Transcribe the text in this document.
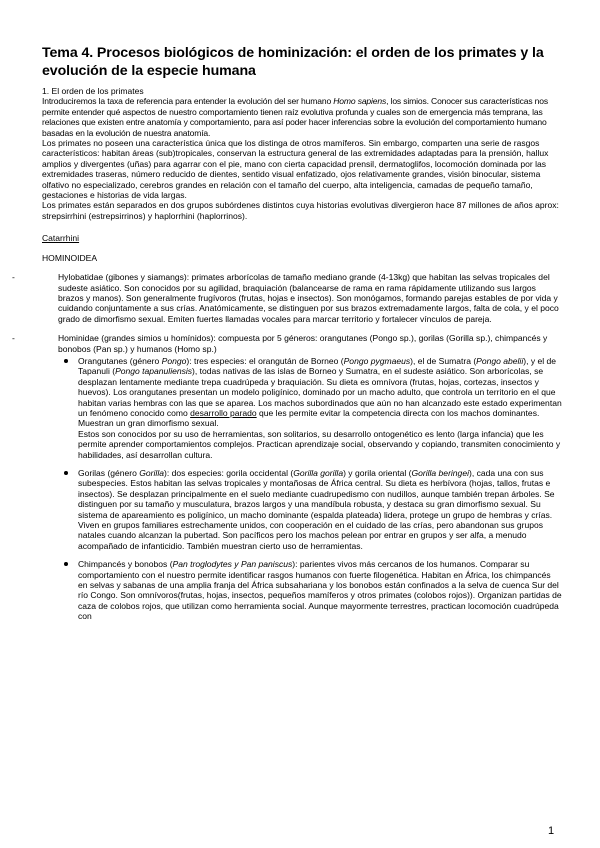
Tema 4. Procesos biológicos de hominización: el orden de los primates y la evolución de la especie humana

1. El orden de los primates

Introduciremos la taxa de referencia para entender la evolución del ser humano Homo sapiens, los simios. Conocer sus características nos permite entender qué aspectos de nuestro comportamiento tienen raíz evolutiva profunda y cuales son de emergencia más temprana, las relaciones que existen entre anatomía y comportamiento, para así poder hacer inferencias sobre la evolución del comportamiento humano basadas en la evolución de nuestra anatomía.

Los primates no poseen una característica única que los distinga de otros mamíferos. Sin embargo, comparten una serie de rasgos característicos: habitan áreas (sub)tropicales, conservan la estructura general de las extremidades adaptadas para la prensión, hallux amplios y divergentes (uñas) para agarrar con el pie, mano con cierta capacidad prensil, dermatoglifos, locomoción dominada por las extremidades traseras, número reducido de dientes, sentido visual enfatizado, ojos relativamente grandes, visión binocular, sistema olfativo no especializado, cerebros grandes en relación con el tamaño del cuerpo, alta inteligencia, camadas de pequeño tamaño, gestaciones e historias de vida largas.

Los primates están separados en dos grupos subórdenes distintos cuya historias evolutivas divergieron hace 87 millones de años aprox: strepsirrhini (estrepsirrinos) y haplorrhini (haplorrinos).

Catarrhini
HOMINOIDEA
-	Hylobatidae (gibones y siamangs): primates arborícolas de tamaño mediano grande (4-13kg) que habitan las selvas tropicales del sudeste asiático. Son conocidos por su agilidad, braquiación (balancearse de rama en rama rápidamente utilizando sus largos brazos y manos). Son generalmente frugívoros (frutas, hojas e insectos). Son monógamos, formando parejas estables de por vida y cuidando conjuntamente a sus crías. Anatómicamente, se distinguen por sus brazos extremadamente largos, falta de cola, y el poco grado de dimorfismo sexual. Emiten fuertes llamadas vocales para marcar territorio y fortalecer vínculos de pareja.
-	Hominidae (grandes simios u homínidos): compuesta por 5 géneros: orangutanes (Pongo sp.), gorilas (Gorilla sp.), chimpancés y bonobos (Pan sp.) y humanos (Homo sp.)
Orangutanes (género Pongo): tres especies: el orangután de Borneo (Pongo pygmaeus), el de Sumatra (Pongo abelii), y el de Tapanuli (Pongo tapanuliensis), todas nativas de las islas de Borneo y Sumatra, en el sudeste asiático. Son arborícolas, se desplazan lentamente mediante trepa cuadrúpeda y braquiación. Su dieta es omnívora (frutas, hojas, cortezas, insectos y huevos). Los orangutanes presentan un modelo poligínico, dominado por un macho adulto, que controla un territorio en el que habitan varias hembras con las que se aparea. Los machos subordinados que aún no han alcanzado este estado experimentan un fenómeno conocido como desarrollo parado que les permite evitar la competencia directa con los machos dominantes. Muestran un gran dimorfismo sexual.
Estos son conocidos por su uso de herramientas, son solitarios, su desarrollo ontogenético es lento (larga infancia) que les permite aprender comportamientos complejos. Practican aprendizaje social, observando y copiando, transmiten conocimiento y habilidades, así desarrollan cultura.
Gorilas (género Gorilla): dos especies: gorila occidental (Gorilla gorilla) y gorila oriental (Gorilla beringei), cada una con sus subespecies. Estos habitan las selvas tropicales y montañosas de África central. Su dieta es herbívora (hojas, tallos, frutas e insectos). Se desplazan principalmente en el suelo mediante cuadrupedismo con nudillos, aunque también trepan árboles. Se distinguen por su tamaño y musculatura, brazos largos y una mandíbula robusta, y destaca su gran dimorfismo sexual. Su sistema de apareamiento es poligínico, un macho dominante (espalda plateada) lidera, protege un grupo de hembras y crías. Viven en grupos familiares estrechamente unidos, con cooperación en el cuidado de las crías, pero abandonan sus grupos natales cuando alcanzan la pubertad. Son pacíficos pero los machos pelean por entrar en grupos y ser alfa, a menudo acompañado de infanticidio. También muestran cierto uso de herramientas.
Chimpancés y bonobos (Pan troglodytes y Pan paniscus): parientes vivos más cercanos de los humanos. Comparar su comportamiento con el nuestro permite identificar rasgos humanos con fuerte filogenética. Habitan en África, los chimpancés en selvas y sabanas de una amplia franja del África subsahariana y los bonobos están confinados a la selva de cuenca Sur del río Congo. Son omnívoros(frutas, hojas, insectos, pequeños mamíferos y otros primates (colobos rojos)). Organizan partidas de caza de colobos rojos, que utilizan como herramienta social. Aunque mayormente terrestres, practican locomoción cuadrúpeda con
1
